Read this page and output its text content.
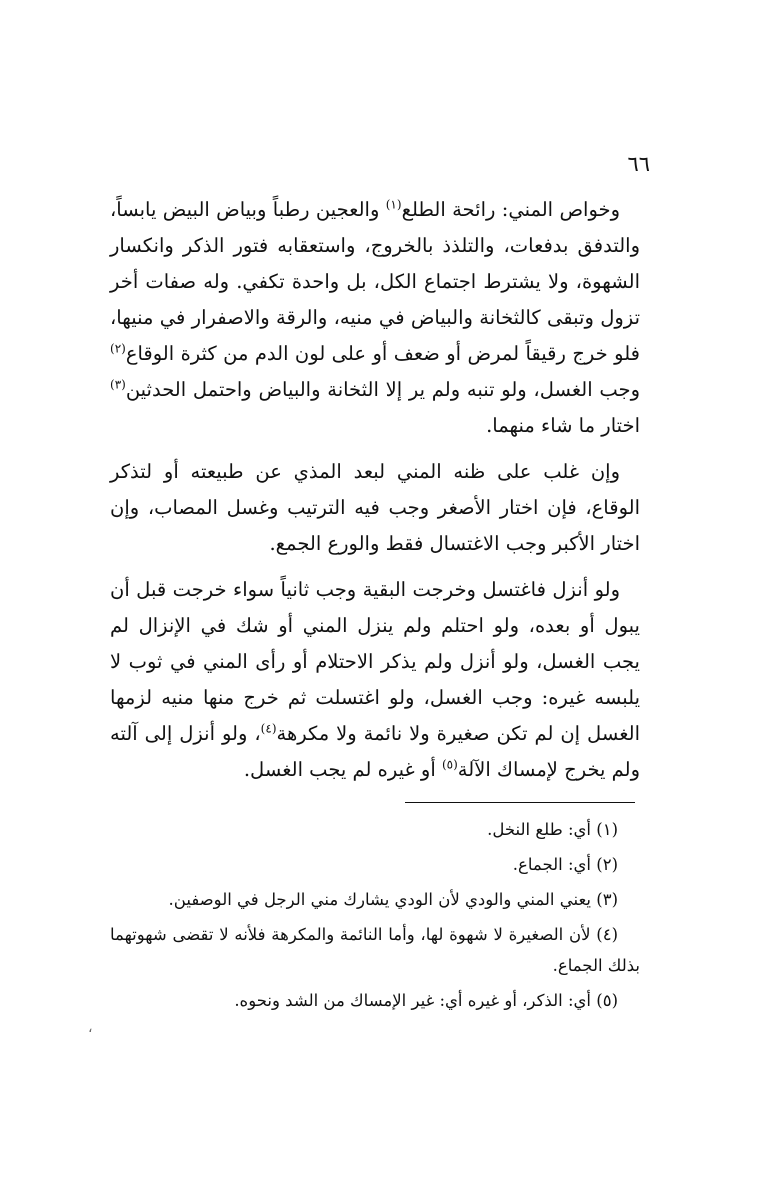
٦٦

وخواص المني: رائحة الطلع$^{(١)}$ والعجين رطباً وبياض البيض يابساً، والتدفق بدفعات، والتلذذ بالخروج، واستعقابه فتور الذكر وانكسار الشهوة، ولا يشترط اجتماع الكل، بل واحدة تكفي. وله صفات أخر تزول وتبقى كالثخانة والبياض في منيه، والرقة والاصفرار في منيها، فلو خرج رقيقاً لمرض أو ضعف أو على لون الدم من كثرة الوقاع$^{(٢)}$ وجب الغسل، ولو تنبه ولم ير إلا الثخانة والبياض واحتمل الحدثين$^{(٣)}$ اختار ما شاء منهما.

وإن غلب على ظنه المني لبعد المذي عن طبيعته أو لتذكر الوقاع، فإن اختار الأصغر وجب فيه الترتيب وغسل المصاب، وإن اختار الأكبر وجب الاغتسال فقط والورع الجمع.

ولو أنزل فاغتسل وخرجت البقية وجب ثانياً سواء خرجت قبل أن يبول أو بعده، ولو احتلم ولم ينزل المني أو شك في الإنزال لم يجب الغسل، ولو أنزل ولم يذكر الاحتلام أو رأى المني في ثوب لا يلبسه غيره: وجب الغسل، ولو اغتسلت ثم خرج منها منيه لزمها الغسل إن لم تكن صغيرة ولا نائمة ولا مكرهة$^{(٤)}$، ولو أنزل إلى آلته ولم يخرج لإمساك الآلة$^{(٥)}$ أو غيره لم يجب الغسل.

(١) أي: طلع النخل.

(٢) أي: الجماع.

(٣) يعني المني والودي لأن الودي يشارك مني الرجل في الوصفين.

(٤) لأن الصغيرة لا شهوة لها، وأما النائمة والمكرهة فلأنه لا تقضى شهوتهما بذلك الجماع.

(٥) أي: الذكر، أو غيره أي: غير الإمساك من الشد ونحوه.

،
